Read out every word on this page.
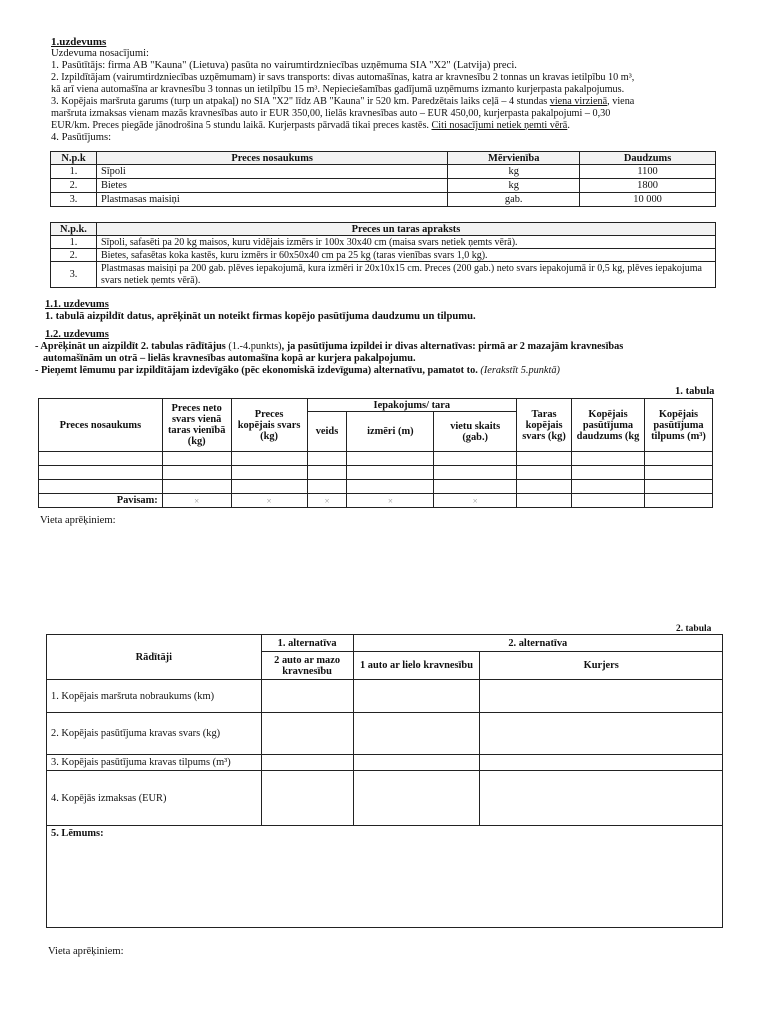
1.uzdevums
Uzdevuma nosacījumi:
1. Pasūtītājs: firma AB "Kauna" (Lietuva) pasūta no vairumtirdzniecības uzņēmuma SIA "X2" (Latvija) preci.
2. Izpildītājam (vairumtirdzniecības uzņēmumam) ir savs transports: divas automašīnas, katra ar kravnesību 2 tonnas un kravas ietilpību 10 m³,
kā arī viena automašīna ar kravnesību 3 tonnas un ietilpību 15 m³. Nepieciešamības gadījumā uzņēmums izmanto kurjerpasta pakalpojumus.
3. Kopējais maršruta garums (turp un atpakaļ) no SIA "X2" līdz AB "Kauna" ir 520 km. Paredzētais laiks ceļā – 4 stundas viena virzienā, viena
maršruta izmaksas vienam mazās kravnesības auto ir EUR 350,00, lielās kravnesības auto – EUR 450,00, kurjerpasta pakalpojumi – 0,30
EUR/km. Preces piegāde jānodrošina 5 stundu laikā. Kurjerpasts pārvadā tikai preces kastēs. Citi nosacījumi netiek ņemti vērā.
4. Pasūtījums:
N.p.k	Preces nosaukums	Mērvienība	Daudzums
1.	Sīpoli	kg	1100
2.	Bietes	kg	1800
3.	Plastmasas maisiņi	gab.	10 000
N.p.k.	Preces un taras apraksts
1.	Sīpoli, safasēti pa 20 kg maisos, kuru vidējais izmērs ir 100x 30x40 cm (maisa svars netiek ņemts vērā).
2.	Bietes, safasētas koka kastēs, kuru izmērs ir 60x50x40 cm pa 25 kg (taras vienības svars 1,0 kg).
3.	Plastmasas maisiņi pa 200 gab. plēves iepakojumā, kura izmēri ir 20x10x15 cm. Preces (200 gab.) neto svars iepakojumā ir 0,5 kg, plēves iepakojuma svars netiek ņemts vērā).
1.1. uzdevums
1. tabulā aizpildīt datus, aprēķināt un noteikt firmas kopējo pasūtījuma daudzumu un tilpumu.
1.2. uzdevums
- Aprēķināt un aizpildīt 2. tabulas rādītājus (1.-4.punkts), ja pasūtījuma izpildei ir divas alternatīvas: pirmā ar 2 mazajām kravnesības
automašīnām un otrā – lielās kravnesības automašīna kopā ar kurjera pakalpojumu.
- Pieņemt lēmumu par izpildītājam izdevīgāko (pēc ekonomiskā izdevīguma) alternatīvu, pamatot to. (Ierakstīt 5.punktā)
1. tabula
Preces nosaukums	Preces neto svars vienā taras vienībā (kg)	Preces kopējais svars (kg)	Iepakojums/ tara			Taras kopējais svars (kg)	Kopējais pasūtījuma daudzums (kg	Kopējais pasūtījuma tilpums (m³)
			veids	izmēri (m)	vietu skaits (gab.)			

Pavisam:	×	×	×	×	×			
Vieta aprēķiniem:
2. tabula
Rādītāji	1. alternatīva	2. alternatīva	
	2 auto ar mazo kravnesību	1 auto ar lielo kravnesību	Kurjers
1. Kopējais maršruta nobraukums (km)			
2. Kopējais pasūtījuma kravas svars (kg)			
3. Kopējais pasūtījuma kravas tilpums (m³)			
4. Kopējās izmaksas (EUR)			
5. Lēmums:			
Vieta aprēķiniem:
